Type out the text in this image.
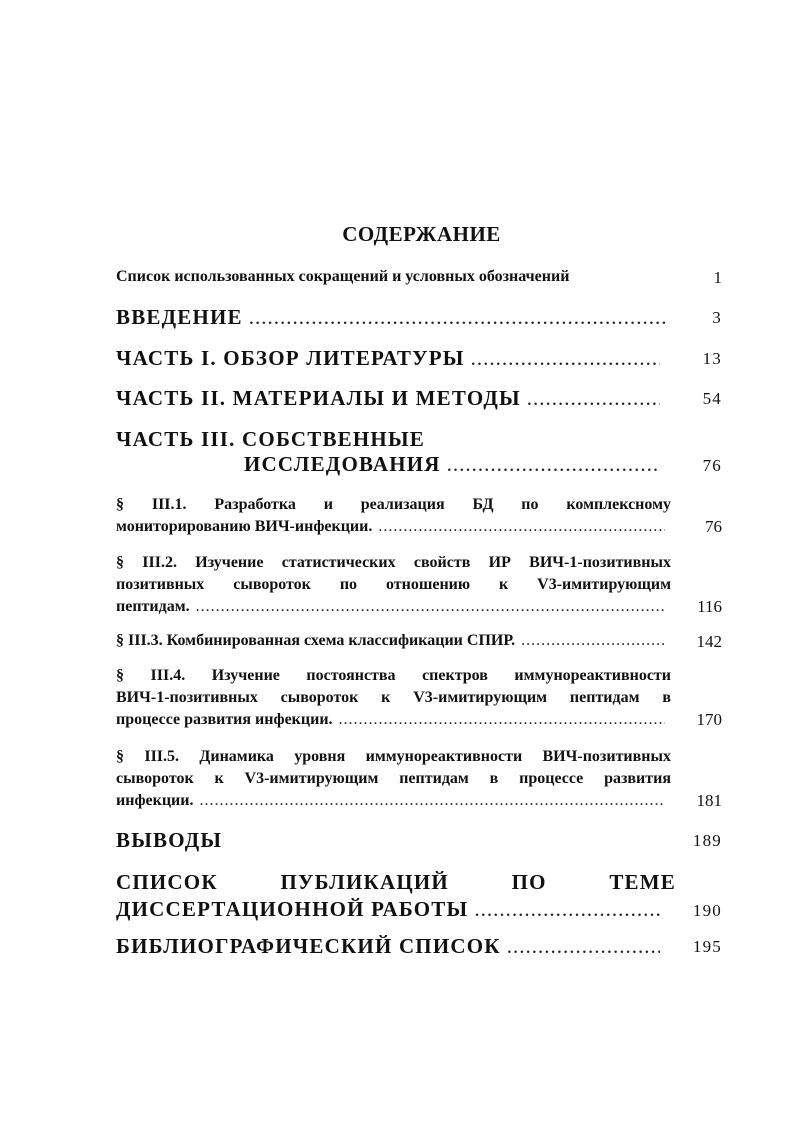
СОДЕРЖАНИЕ
Список использованных сокращений и условных обозначений	1
ВВЕДЕНИЕ .....	3
ЧАСТЬ I. ОБЗОР ЛИТЕРАТУРЫ .....	13
ЧАСТЬ II. МАТЕРИАЛЫ И МЕТОДЫ .....	54
ЧАСТЬ III. СОБСТВЕННЫЕ
ИССЛЕДОВАНИЯ .....	76
§ III.1. Разработка и реализация БД по комплексному
мониторированию ВИЧ-инфекции. .....	76
§ III.2. Изучение статистических свойств ИР ВИЧ-1-позитивных
позитивных сывороток по отношению к V3-имитирующим
пептидам. .....	116
§ III.3. Комбинированная схема классификации СПИР. .....	142
§ III.4. Изучение постоянства спектров иммунореактивности
ВИЧ-1-позитивных сывороток к V3-имитирующим пептидам в
процессе развития инфекции. .....	170
§ III.5. Динамика уровня иммунореактивности ВИЧ-позитивных
сывороток к V3-имитирующим пептидам в процессе развития
инфекции. .....	181
ВЫВОДЫ	189
СПИСОК ПУБЛИКАЦИЙ ПО ТЕМЕ
ДИССЕРТАЦИОННОЙ РАБОТЫ .....	190
БИБЛИОГРАФИЧЕСКИЙ СПИСОК .....	195
